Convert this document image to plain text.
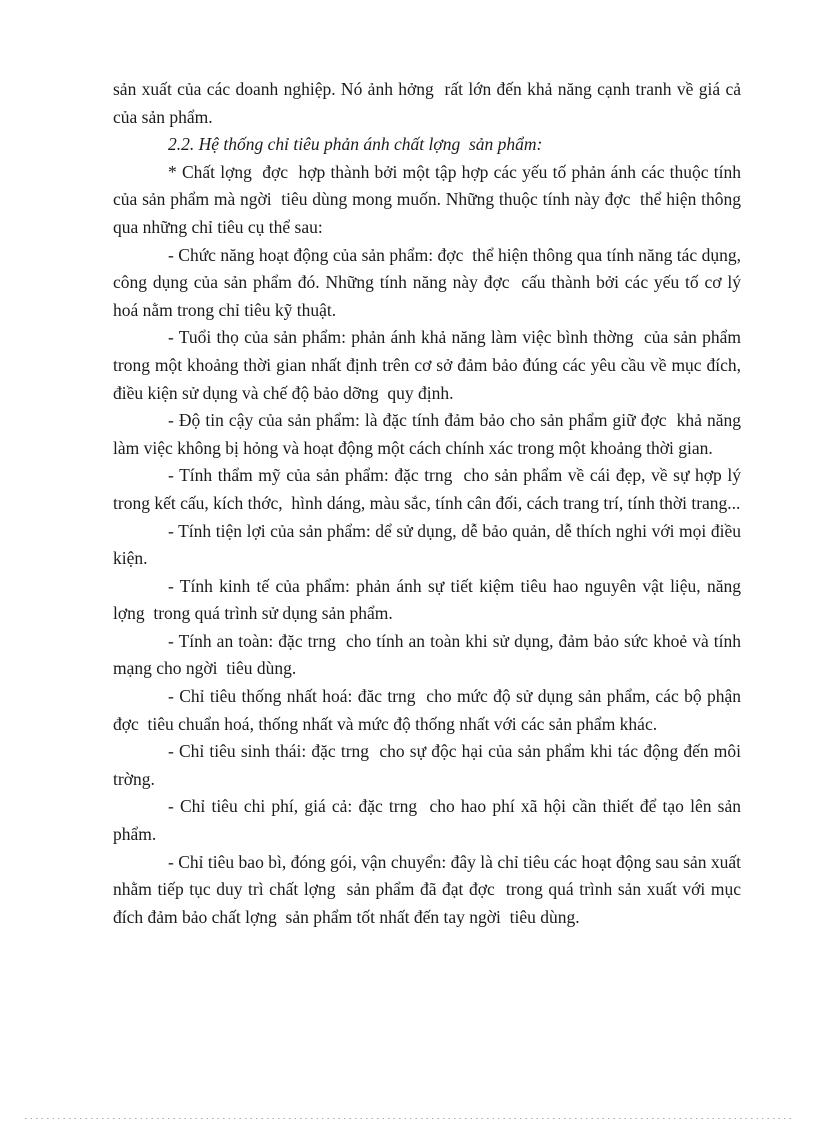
sản xuất của các doanh nghiệp. Nó ảnh hởng  rất lớn đến khả năng cạnh tranh về giá cả của sản phẩm.

2.2. Hệ thống chỉ tiêu phản ánh chất lợng  sản phẩm:

* Chất lợng  đợc  hợp thành bởi một tập hợp các yếu tố phản ánh các thuộc tính của sản phẩm mà ngời  tiêu dùng mong muốn. Những thuộc tính này đợc  thể hiện thông qua những chỉ tiêu cụ thể sau:

- Chức năng hoạt động của sản phẩm: đợc  thể hiện thông qua tính năng tác dụng, công dụng của sản phẩm đó. Những tính năng này đợc  cấu thành bởi các yếu tố cơ lý hoá nằm trong chỉ tiêu kỹ thuật.

- Tuổi thọ của sản phẩm: phản ánh khả năng làm việc bình thờng  của sản phẩm trong một khoảng thời gian nhất định trên cơ sở đảm bảo đúng các yêu cầu về mục đích, điều kiện sử dụng và chế độ bảo dỡng  quy định.

- Độ tin cậy của sản phẩm: là đặc tính đảm bảo cho sản phẩm giữ đợc  khả năng làm việc không bị hỏng và hoạt động một cách chính xác trong một khoảng thời gian.

- Tính thẩm mỹ của sản phẩm: đặc trng  cho sản phẩm về cái đẹp, về sự hợp lý trong kết cấu, kích thớc,  hình dáng, màu sắc, tính cân đối, cách trang trí, tính thời trang...

- Tính tiện lợi của sản phẩm: dể sử dụng, dễ bảo quản, dễ thích nghi với mọi điều kiện.

- Tính kinh tế của phẩm: phản ánh sự tiết kiệm tiêu hao nguyên vật liệu, năng lợng  trong quá trình sử dụng sản phẩm.

- Tính an toàn: đặc trng  cho tính an toàn khi sử dụng, đảm bảo sức khoẻ và tính mạng cho ngời  tiêu dùng.

- Chỉ tiêu thống nhất hoá: đăc trng  cho mức độ sử dụng sản phẩm, các bộ phận đợc  tiêu chuẩn hoá, thống nhất và mức độ thống nhất với các sản phẩm khác.

- Chỉ tiêu sinh thái: đặc trng  cho sự độc hại của sản phẩm khi tác động đến môi trờng.

- Chỉ tiêu chi phí, giá cả: đặc trng  cho hao phí xã hội cần thiết để tạo lên sản phẩm.

- Chỉ tiêu bao bì, đóng gói, vận chuyển: đây là chỉ tiêu các hoạt động sau sản xuất nhằm tiếp tục duy trì chất lợng  sản phẩm đã đạt đợc  trong quá trình sản xuất với mục đích đảm bảo chất lợng  sản phẩm tốt nhất đến tay ngời  tiêu dùng.
